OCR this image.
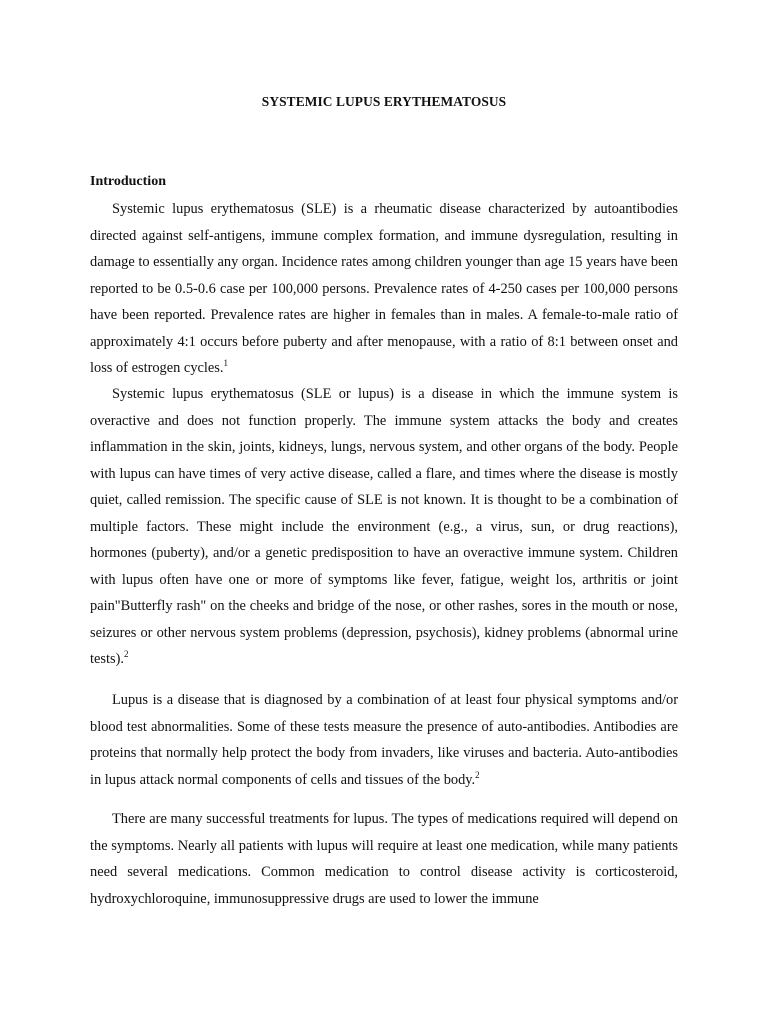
SYSTEMIC LUPUS ERYTHEMATOSUS
Introduction

Systemic lupus erythematosus (SLE) is a rheumatic disease characterized by autoantibodies directed against self-antigens, immune complex formation, and immune dysregulation, resulting in damage to essentially any organ. Incidence rates among children younger than age 15 years have been reported to be 0.5-0.6 case per 100,000 persons. Prevalence rates of 4-250 cases per 100,000 persons have been reported. Prevalence rates are higher in females than in males. A female-to-male ratio of approximately 4:1 occurs before puberty and after menopause, with a ratio of 8:1 between onset and loss of estrogen cycles.$^1$

Systemic lupus erythematosus (SLE or lupus) is a disease in which the immune system is overactive and does not function properly. The immune system attacks the body and creates inflammation in the skin, joints, kidneys, lungs, nervous system, and other organs of the body. People with lupus can have times of very active disease, called a flare, and times where the disease is mostly quiet, called remission. The specific cause of SLE is not known. It is thought to be a combination of multiple factors. These might include the environment (e.g., a virus, sun, or drug reactions), hormones (puberty), and/or a genetic predisposition to have an overactive immune system. Children with lupus often have one or more of symptoms like fever, fatigue, weight los, arthritis or joint pain"Butterfly rash" on the cheeks and bridge of the nose, or other rashes, sores in the mouth or nose, seizures or other nervous system problems (depression, psychosis), kidney problems (abnormal urine tests).$^2$

Lupus is a disease that is diagnosed by a combination of at least four physical symptoms and/or blood test abnormalities. Some of these tests measure the presence of auto-antibodies. Antibodies are proteins that normally help protect the body from invaders, like viruses and bacteria. Auto-antibodies in lupus attack normal components of cells and tissues of the body.$^2$

There are many successful treatments for lupus. The types of medications required will depend on the symptoms. Nearly all patients with lupus will require at least one medication, while many patients need several medications. Common medication to control disease activity is corticosteroid, hydroxychloroquine, immunosuppressive drugs are used to lower the immune
